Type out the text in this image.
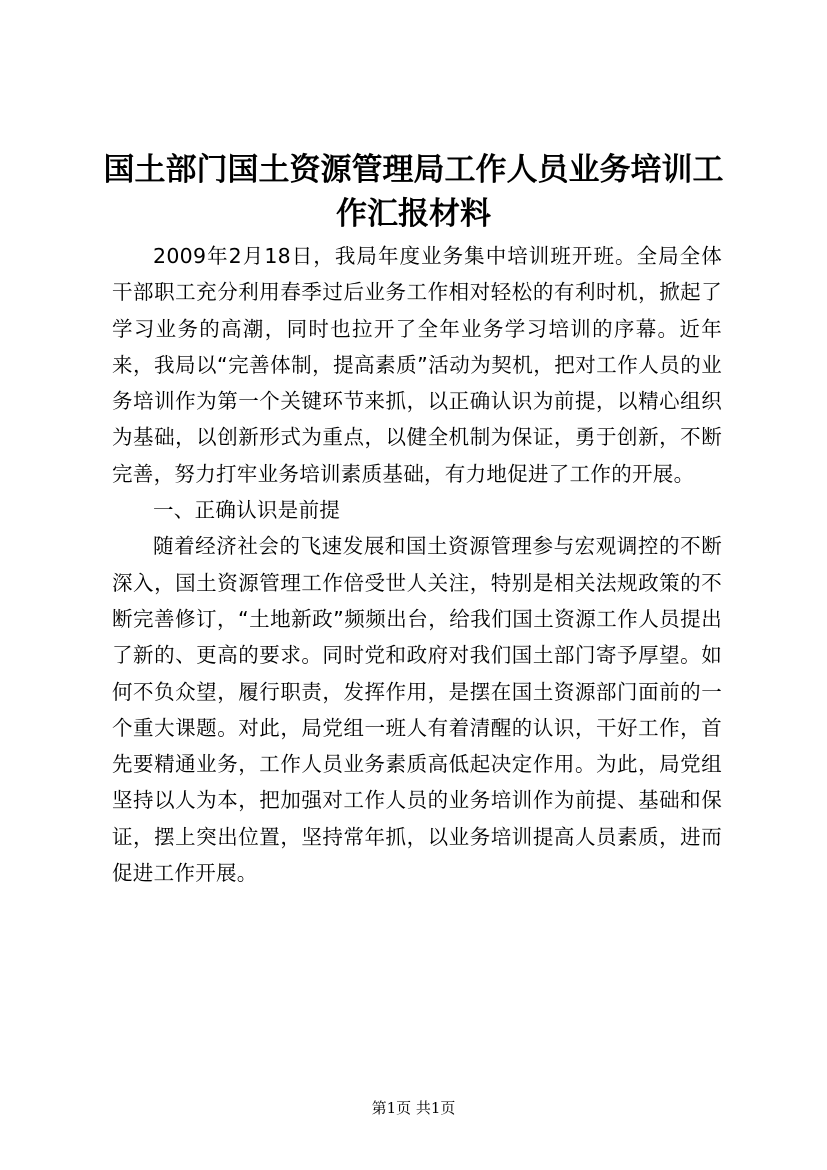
国土部门国土资源管理局工作人员业务培训工作汇报材料

2009年2月18日，我局年度业务集中培训班开班。全局全体干部职工充分利用春季过后业务工作相对轻松的有利时机，掀起了学习业务的高潮，同时也拉开了全年业务学习培训的序幕。近年来，我局以“完善体制，提高素质”活动为契机，把对工作人员的业务培训作为第一个关键环节来抓，以正确认识为前提，以精心组织为基础，以创新形式为重点，以健全机制为保证，勇于创新，不断完善，努力打牢业务培训素质基础，有力地促进了工作的开展。

一、正确认识是前提

随着经济社会的飞速发展和国土资源管理参与宏观调控的不断深入，国土资源管理工作倍受世人关注，特别是相关法规政策的不断完善修订，“土地新政”频频出台，给我们国土资源工作人员提出了新的、更高的要求。同时党和政府对我们国土部门寄予厚望。如何不负众望，履行职责，发挥作用，是摆在国土资源部门面前的一个重大课题。对此，局党组一班人有着清醒的认识，干好工作，首先要精通业务，工作人员业务素质高低起决定作用。为此，局党组坚持以人为本，把加强对工作人员的业务培训作为前提、基础和保证，摆上突出位置，坚持常年抓，以业务培训提高人员素质，进而促进工作开展。

第1页 共1页
